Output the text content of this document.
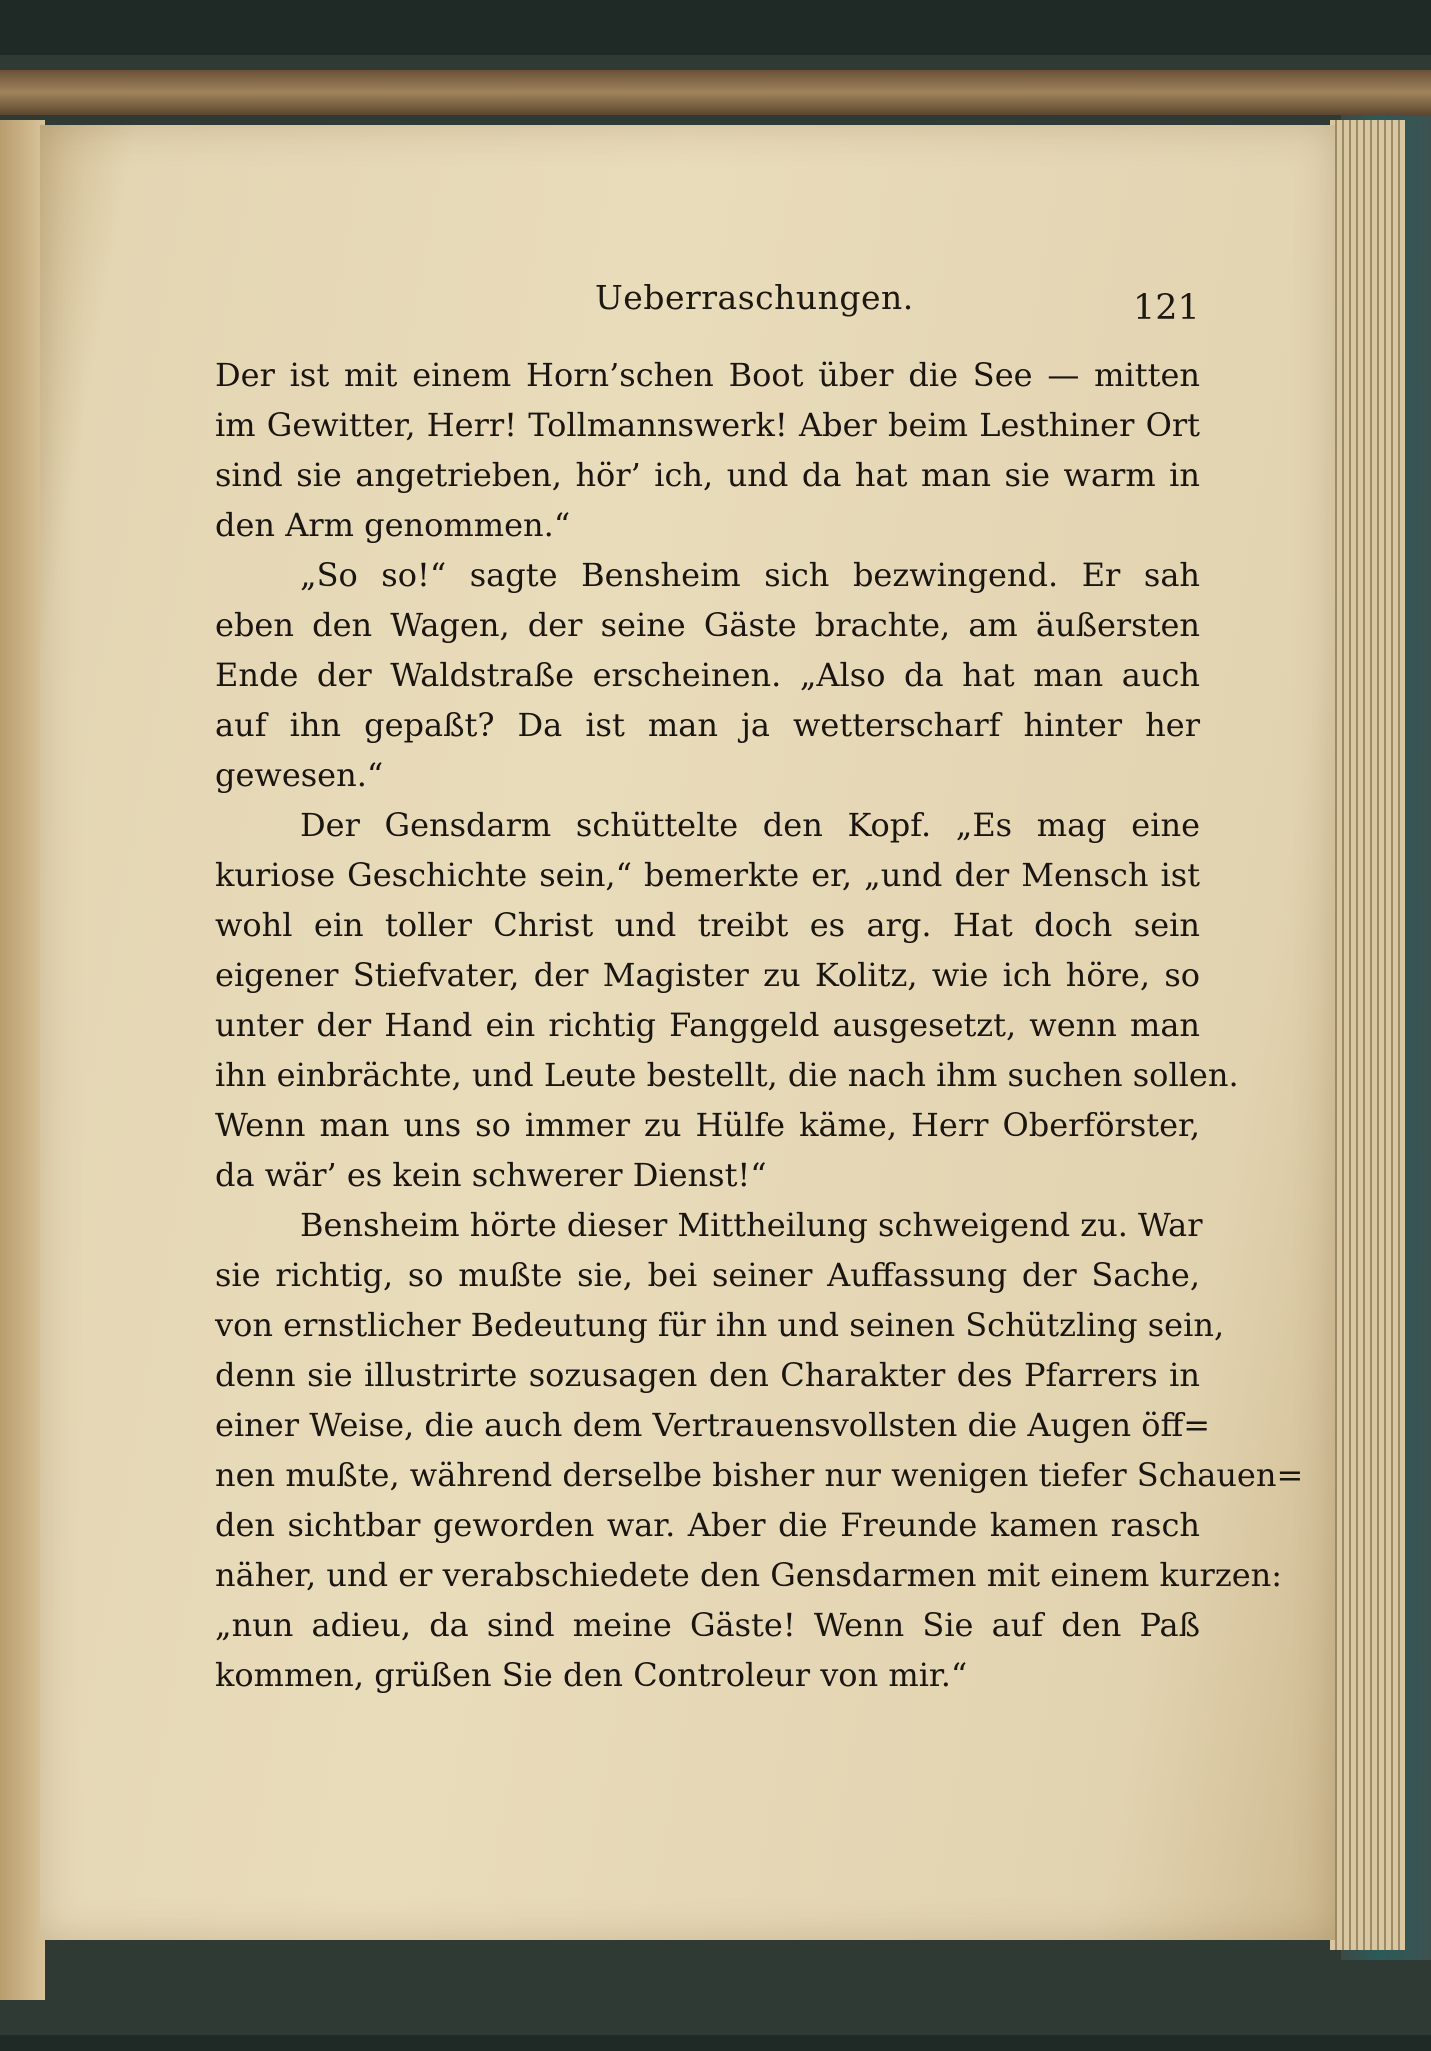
Ueberraschungen.	121
Der ist mit einem Horn’schen Boot über die See — mitten
im Gewitter, Herr! Tollmannswerk! Aber beim Lesthiner Ort
sind sie angetrieben, hör’ ich, und da hat man sie warm in
den Arm genommen.“
„So so!“ sagte Bensheim sich bezwingend. Er sah
eben den Wagen, der seine Gäste brachte, am äußersten
Ende der Waldstraße erscheinen. „Also da hat man auch
auf ihn gepaßt? Da ist man ja wetterscharf hinter her
gewesen.“
Der Gensdarm schüttelte den Kopf. „Es mag eine
kuriose Geschichte sein,“ bemerkte er, „und der Mensch ist
wohl ein toller Christ und treibt es arg. Hat doch sein
eigener Stiefvater, der Magister zu Kolitz, wie ich höre, so
unter der Hand ein richtig Fanggeld ausgesetzt, wenn man
ihn einbrächte, und Leute bestellt, die nach ihm suchen sollen.
Wenn man uns so immer zu Hülfe käme, Herr Oberförster,
da wär’ es kein schwerer Dienst!“
Bensheim hörte dieser Mittheilung schweigend zu. War
sie richtig, so mußte sie, bei seiner Auffassung der Sache,
von ernstlicher Bedeutung für ihn und seinen Schützling sein,
denn sie illustrirte sozusagen den Charakter des Pfarrers in
einer Weise, die auch dem Vertrauensvollsten die Augen öff=
nen mußte, während derselbe bisher nur wenigen tiefer Schauen=
den sichtbar geworden war. Aber die Freunde kamen rasch
näher, und er verabschiedete den Gensdarmen mit einem kurzen:
„nun adieu, da sind meine Gäste! Wenn Sie auf den Paß
kommen, grüßen Sie den Controleur von mir.“
